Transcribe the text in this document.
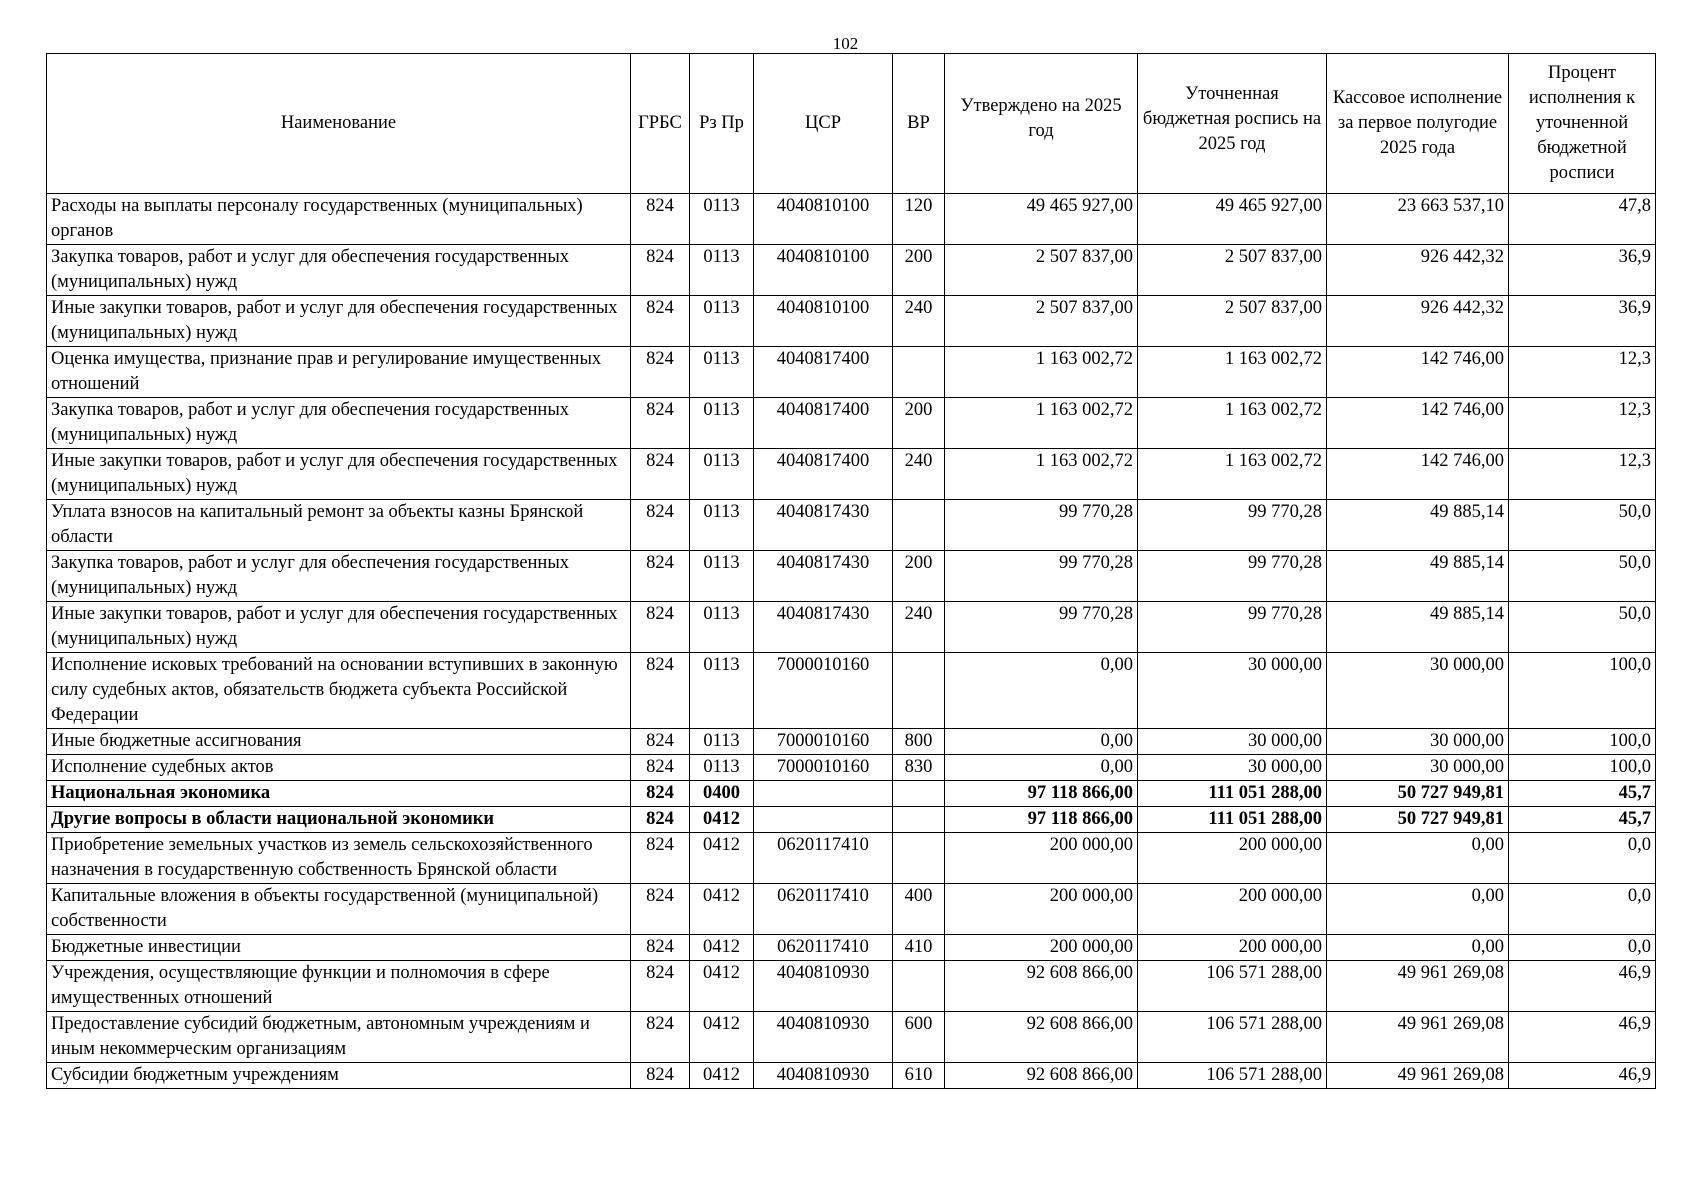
102
Наименование	ГРБС	Рз Пр	ЦСР	ВР	Утверждено на 2025 год	Уточненная бюджетная роспись на 2025 год	Кассовое исполнение за первое полугодие 2025 года	Процент исполнения к уточненной бюджетной росписи
Расходы на выплаты персоналу государственных (муниципальных) органов	824	0113	4040810100	120	49 465 927,00	49 465 927,00	23 663 537,10	47,8
Закупка товаров, работ и услуг для обеспечения государственных (муниципальных) нужд	824	0113	4040810100	200	2 507 837,00	2 507 837,00	926 442,32	36,9
Иные закупки товаров, работ и услуг для обеспечения государственных (муниципальных) нужд	824	0113	4040810100	240	2 507 837,00	2 507 837,00	926 442,32	36,9
Оценка имущества, признание прав и регулирование имущественных отношений	824	0113	4040817400		1 163 002,72	1 163 002,72	142 746,00	12,3
Закупка товаров, работ и услуг для обеспечения государственных (муниципальных) нужд	824	0113	4040817400	200	1 163 002,72	1 163 002,72	142 746,00	12,3
Иные закупки товаров, работ и услуг для обеспечения государственных (муниципальных) нужд	824	0113	4040817400	240	1 163 002,72	1 163 002,72	142 746,00	12,3
Уплата взносов на капитальный ремонт за объекты казны Брянской области	824	0113	4040817430		99 770,28	99 770,28	49 885,14	50,0
Закупка товаров, работ и услуг для обеспечения государственных (муниципальных) нужд	824	0113	4040817430	200	99 770,28	99 770,28	49 885,14	50,0
Иные закупки товаров, работ и услуг для обеспечения государственных (муниципальных) нужд	824	0113	4040817430	240	99 770,28	99 770,28	49 885,14	50,0
Исполнение исковых требований на основании вступивших в законную силу судебных актов, обязательств бюджета субъекта Российской Федерации	824	0113	7000010160		0,00	30 000,00	30 000,00	100,0
Иные бюджетные ассигнования	824	0113	7000010160	800	0,00	30 000,00	30 000,00	100,0
Исполнение судебных актов	824	0113	7000010160	830	0,00	30 000,00	30 000,00	100,0
Национальная экономика	824	0400			97 118 866,00	111 051 288,00	50 727 949,81	45,7
Другие вопросы в области национальной экономики	824	0412			97 118 866,00	111 051 288,00	50 727 949,81	45,7
Приобретение земельных участков из земель сельскохозяйственного назначения в государственную собственность Брянской области	824	0412	0620117410		200 000,00	200 000,00	0,00	0,0
Капитальные вложения в объекты государственной (муниципальной) собственности	824	0412	0620117410	400	200 000,00	200 000,00	0,00	0,0
Бюджетные инвестиции	824	0412	0620117410	410	200 000,00	200 000,00	0,00	0,0
Учреждения, осуществляющие функции и полномочия в сфере имущественных отношений	824	0412	4040810930		92 608 866,00	106 571 288,00	49 961 269,08	46,9
Предоставление субсидий бюджетным, автономным учреждениям и иным некоммерческим организациям	824	0412	4040810930	600	92 608 866,00	106 571 288,00	49 961 269,08	46,9
Субсидии бюджетным учреждениям	824	0412	4040810930	610	92 608 866,00	106 571 288,00	49 961 269,08	46,9
